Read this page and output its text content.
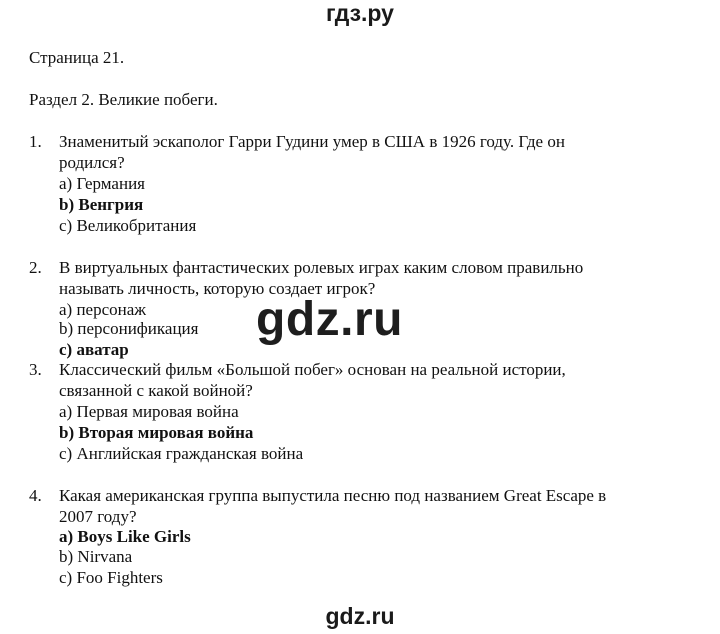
гдз.ру
Страница 21.
Раздел 2. Великие побеги.
1. Знаменитый эскаполог Гарри Гудини умер в США в 1926 году. Где он
родился?
a) Германия
b) Венгрия
c) Великобритания
2. В виртуальных фантастических ролевых играх каким словом правильно
называть личность, которую создает игрок?
a) персонаж
b) персонификация
c) аватар
3. Классический фильм «Большой побег» основан на реальной истории,
связанной с какой войной?
a) Первая мировая война
b) Вторая мировая война
c) Английская гражданская война
4. Какая американская группа выпустила песню под названием Great Escape в
2007 году?
a) Boys Like Girls
b) Nirvana
c) Foo Fighters
gdz.ru
gdz.ru
